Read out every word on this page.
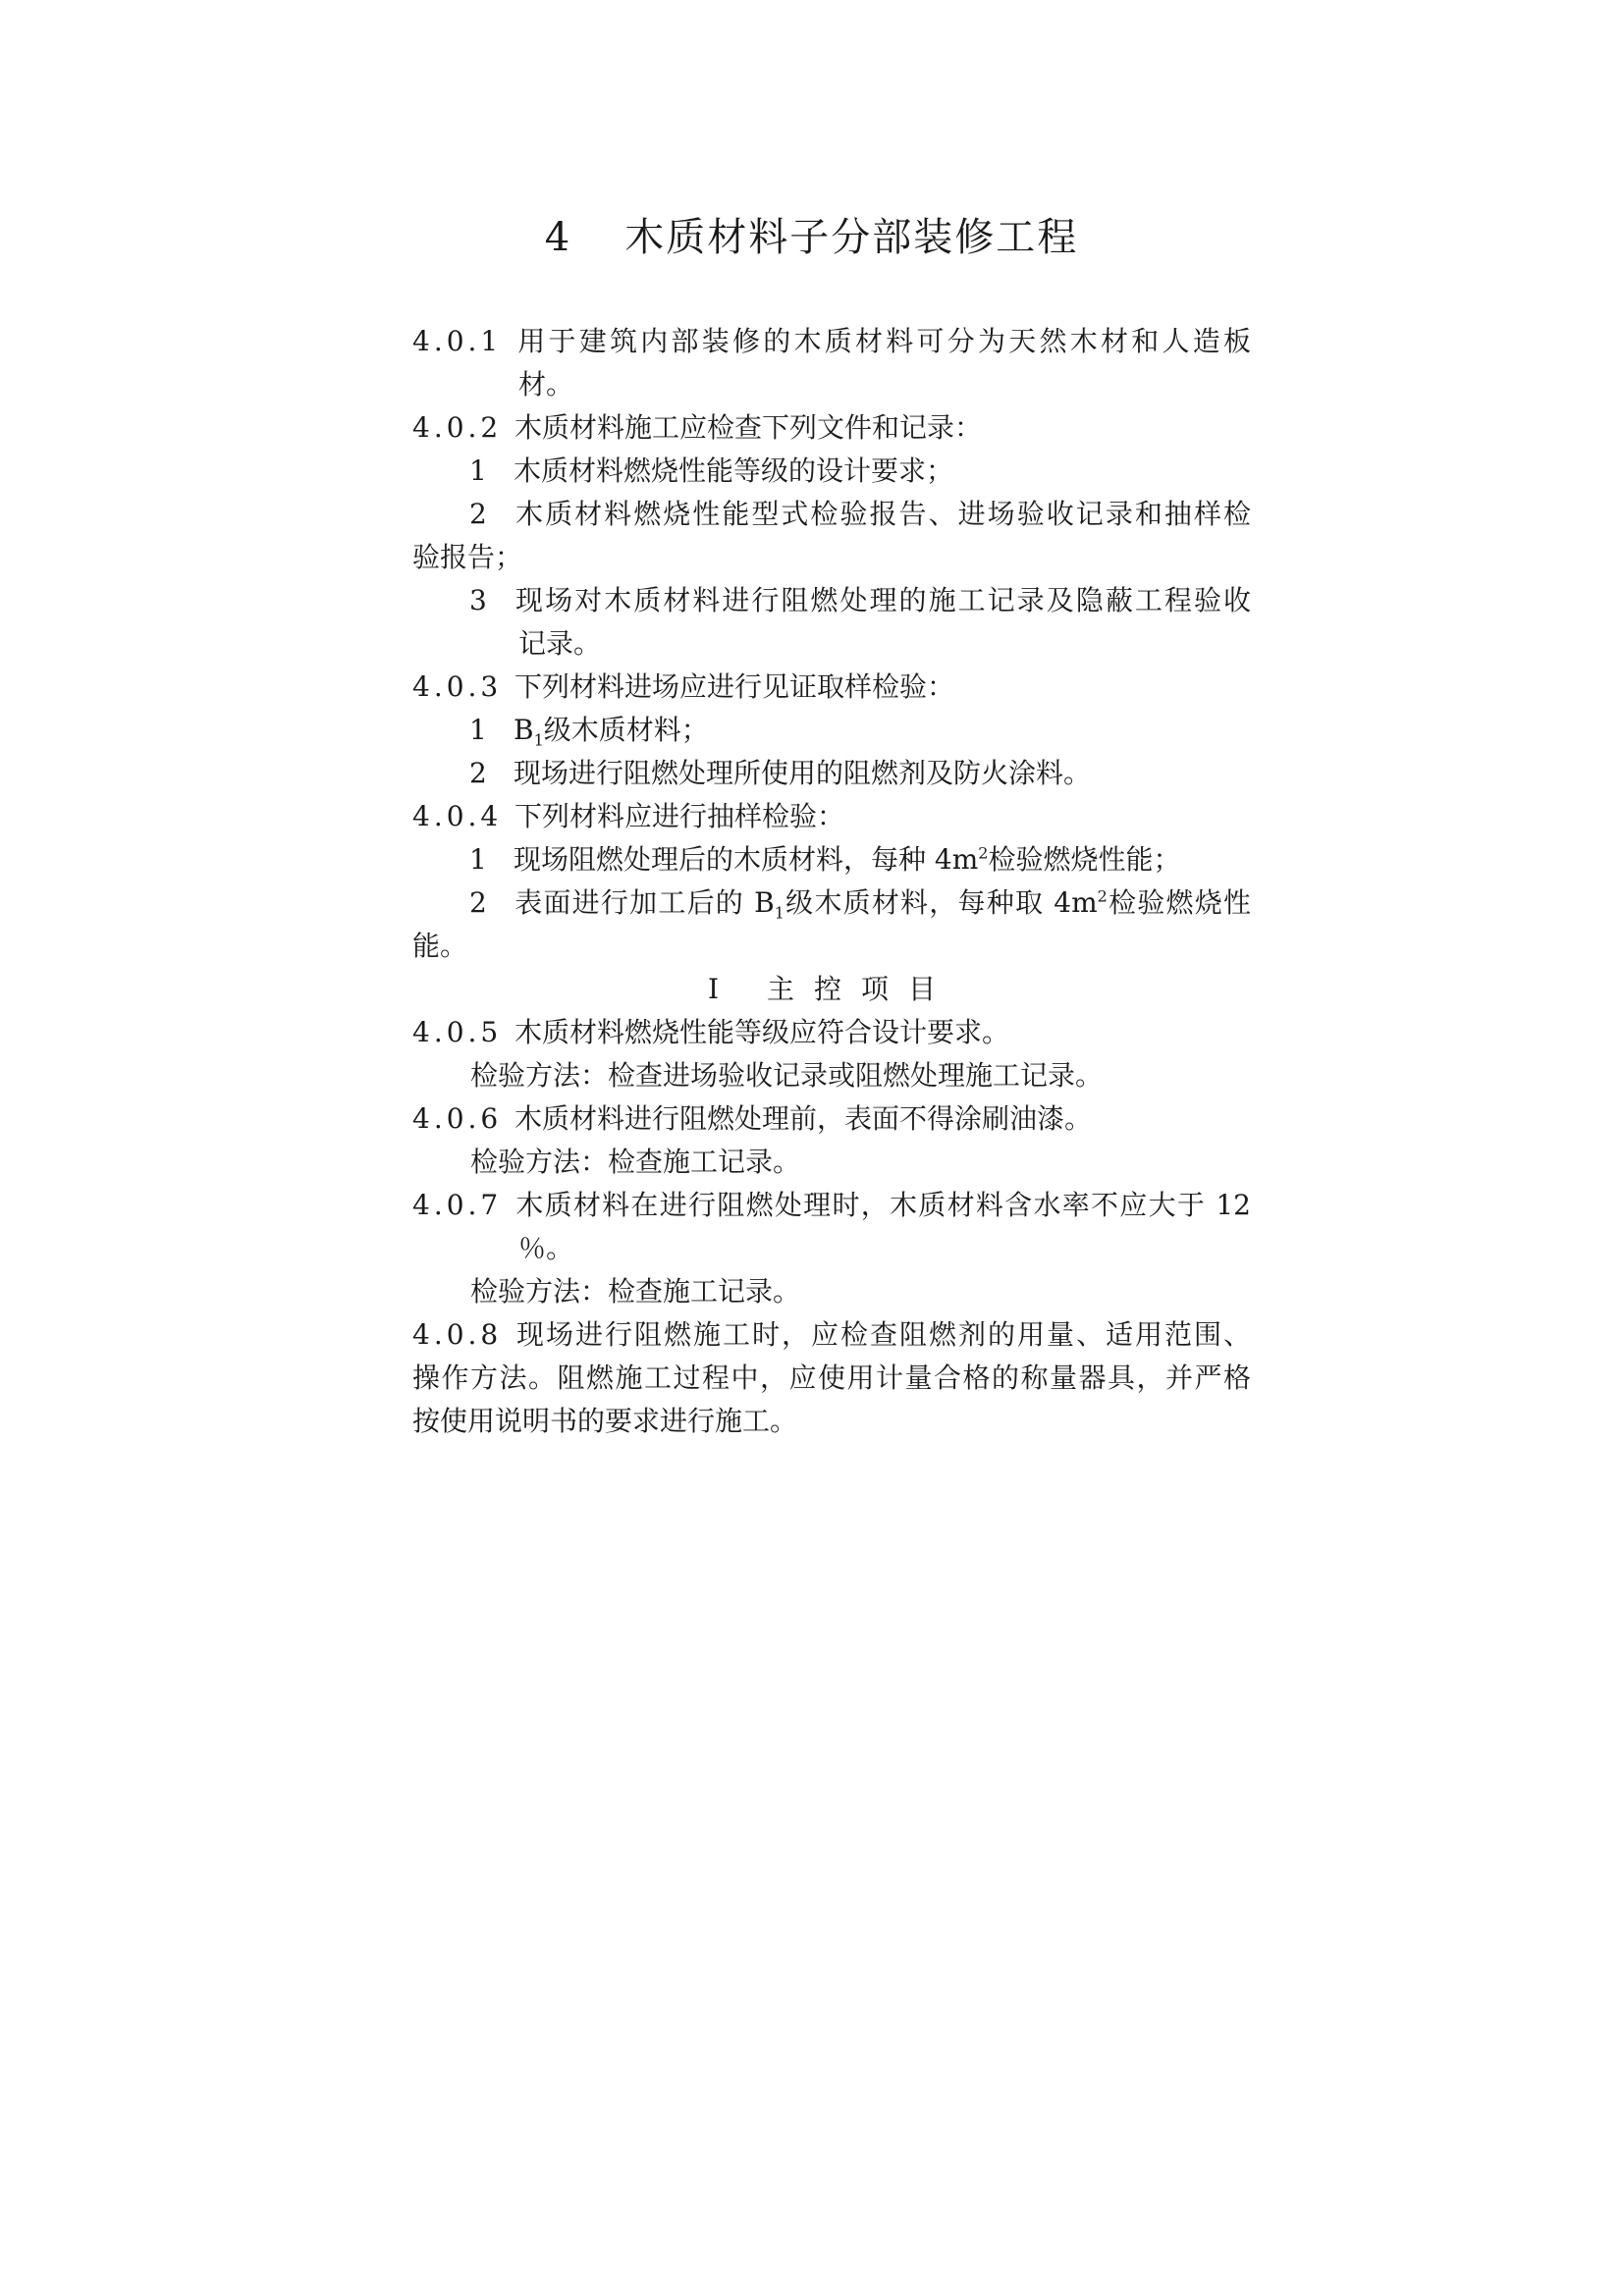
4 木质材料子分部装修工程
4.0.1 用于建筑内部装修的木质材料可分为天然木材和人造板
材。
4.0.2 木质材料施工应检查下列文件和记录：
1 木质材料燃烧性能等级的设计要求；
2 木质材料燃烧性能型式检验报告、进场验收记录和抽样检
验报告；
3 现场对木质材料进行阻燃处理的施工记录及隐蔽工程验收
记录。
4.0.3 下列材料进场应进行见证取样检验：
1 $B_1$级木质材料；
2 现场进行阻燃处理所使用的阻燃剂及防火涂料。
4.0.4 下列材料应进行抽样检验：
1 现场阻燃处理后的木质材料，每种 $4m^2$检验燃烧性能；
2 表面进行加工后的 $B_1$级木质材料，每种取 $4m^2$检验燃烧性
能。
I 主控项目
4.0.5 木质材料燃烧性能等级应符合设计要求。
检验方法：检查进场验收记录或阻燃处理施工记录。
4.0.6 木质材料进行阻燃处理前，表面不得涂刷油漆。
检验方法：检查施工记录。
4.0.7 木质材料在进行阻燃处理时，木质材料含水率不应大于 12
％。
检验方法：检查施工记录。
4.0.8 现场进行阻燃施工时，应检查阻燃剂的用量、适用范围、
操作方法。阻燃施工过程中，应使用计量合格的称量器具，并严格
按使用说明书的要求进行施工。
